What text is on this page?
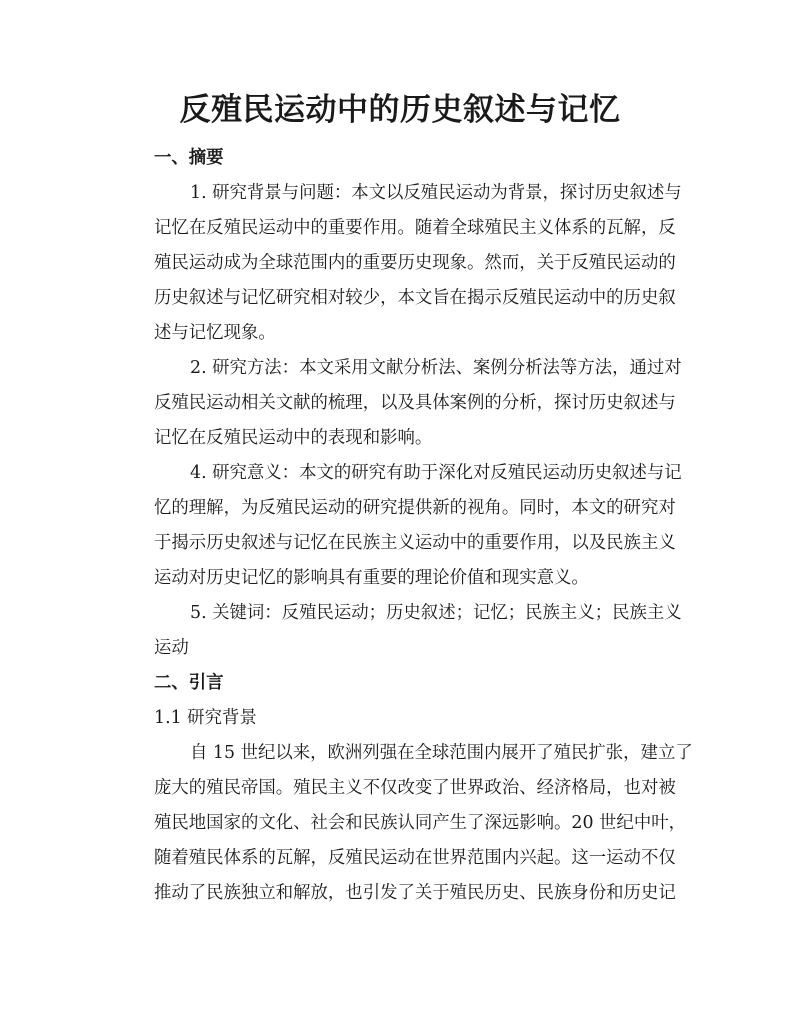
反殖民运动中的历史叙述与记忆
一、摘要
1. 研究背景与问题：本文以反殖民运动为背景，探讨历史叙述与
记忆在反殖民运动中的重要作用。随着全球殖民主义体系的瓦解，反
殖民运动成为全球范围内的重要历史现象。然而，关于反殖民运动的
历史叙述与记忆研究相对较少，本文旨在揭示反殖民运动中的历史叙
述与记忆现象。
2. 研究方法：本文采用文献分析法、案例分析法等方法，通过对
反殖民运动相关文献的梳理，以及具体案例的分析，探讨历史叙述与
记忆在反殖民运动中的表现和影响。
4. 研究意义：本文的研究有助于深化对反殖民运动历史叙述与记
忆的理解，为反殖民运动的研究提供新的视角。同时，本文的研究对
于揭示历史叙述与记忆在民族主义运动中的重要作用，以及民族主义
运动对历史记忆的影响具有重要的理论价值和现实意义。
5. 关键词：反殖民运动；历史叙述；记忆；民族主义；民族主义
运动
二、引言
1.1 研究背景
自 15 世纪以来，欧洲列强在全球范围内展开了殖民扩张，建立了
庞大的殖民帝国。殖民主义不仅改变了世界政治、经济格局，也对被
殖民地国家的文化、社会和民族认同产生了深远影响。20 世纪中叶，
随着殖民体系的瓦解，反殖民运动在世界范围内兴起。这一运动不仅
推动了民族独立和解放，也引发了关于殖民历史、民族身份和历史记
